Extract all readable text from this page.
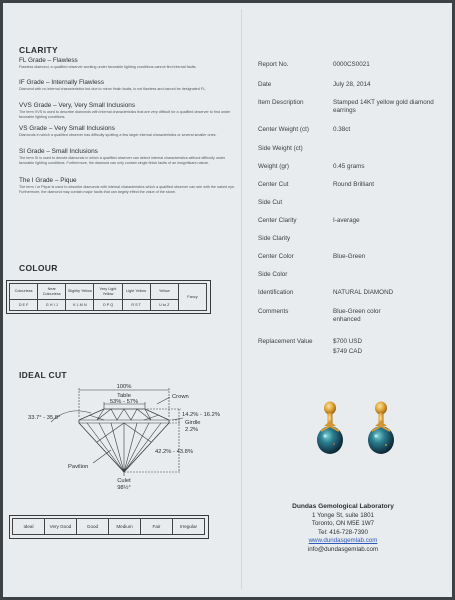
CLARITY
FL Grade – Flawless
Flawless diamond, a qualified observer working under favorable lighting conditions cannot find internal faults.
IF Grade – Internally Flawless
Diamond with no internal characteristics but due to minor finish faults, is not flawless and cannot be designated FL.
VVS Grade – Very, Very Small Inclusions
The term VVS is used to describe diamonds with internal characteristics that are very difficult for a qualified observer to find under favorable lighting conditions.
VS Grade – Very Small Inclusions
Diamonds in which a qualified observer has difficulty spotting a few larger internal characteristics or several smaller ones.
SI Grade – Small Inclusions
The term SI is used to denote diamonds in which a qualified observer can detect internal characteristics without difficulty under favorable lighting conditions. Furthermore, the diamond can only contain single finish faults of an insignificant nature.
The I Grade – Pique
The term I or Pique is used to describe diamonds with internal characteristics which a qualified observer can see with the naked eye. Furthermore, the diamond may contain major faults that can largely effect the value of the stone.
COLOUR
Colourless	Near Colourless	Slightly Yellow	Very Light Yellow	Light Yellow	Yellow	Fancy
D E F	G H I J	K L M N	O P Q	R S T	U to Z	
IDEAL CUT
100%
Table
53% - 57%
Crown
33.7° - 35.8°	14.2% - 16.2%
Girdle
2.2%
42.2% - 43.8%
Pavilion
Culet
98½°
Ideal	Very Good	Good	Medium	Fair	Irregular
Report No.	0000CS0021
Date	July 28, 2014
Item Description	Stamped 14KT yellow gold diamond earrings
Center Weight (ct)	0.38ct
Side Weight (ct)
Weight (gr)	0.45 grams
Center Cut	Round Brilliant
Side Cut
Center Clarity	I-average
Side Clarity
Center Color	Blue-Green
Side Color
Identification	NATURAL DIAMOND
Comments	Blue-Green color enhanced
Replacement Value	$700 USD
$749 CAD
Dundas Gemological Laboratory
1 Yonge St, suite 1801
Toronto, ON M5E 1W7
Tel: 416-728-7390
www.dundasgemlab.com
info@dundasgemlab.com
